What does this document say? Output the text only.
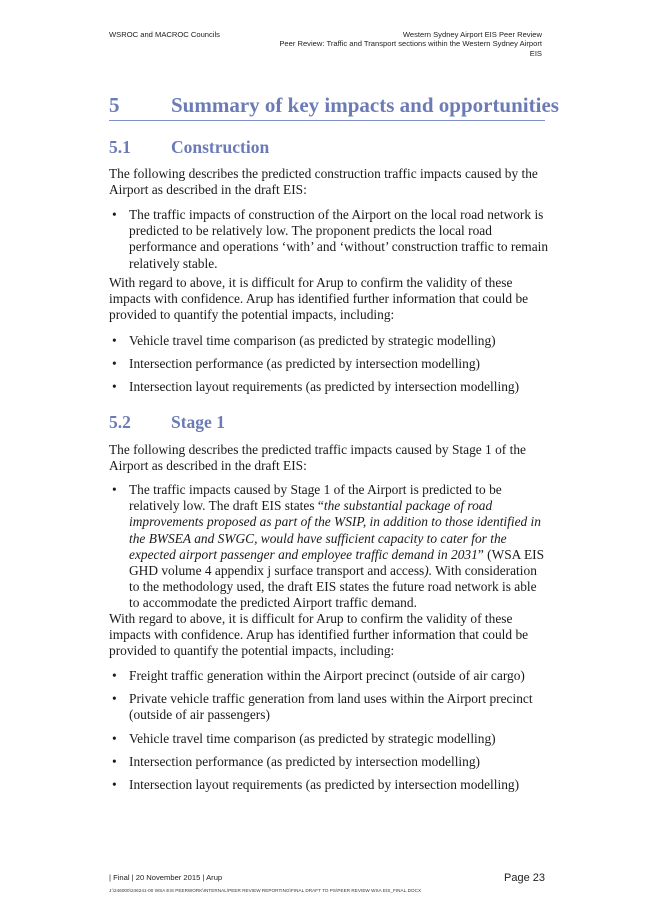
WSROC and MACROC Councils	Western Sydney Airport EIS Peer Review
Peer Review: Traffic and Transport sections within the Western Sydney Airport
EIS
5 Summary of key impacts and opportunities
5.1 Construction

The following describes the predicted construction traffic impacts caused by the Airport as described in the draft EIS:

• The traffic impacts of construction of the Airport on the local road network is predicted to be relatively low. The proponent predicts the local road performance and operations ‘with’ and ‘without’ construction traffic to remain relatively stable.

With regard to above, it is difficult for Arup to confirm the validity of these impacts with confidence. Arup has identified further information that could be provided to quantify the potential impacts, including:

• Vehicle travel time comparison (as predicted by strategic modelling)
• Intersection performance (as predicted by intersection modelling)
• Intersection layout requirements (as predicted by intersection modelling)
5.2 Stage 1

The following describes the predicted traffic impacts caused by Stage 1 of the Airport as described in the draft EIS:

• The traffic impacts caused by Stage 1 of the Airport is predicted to be relatively low. The draft EIS states “the substantial package of road improvements proposed as part of the WSIP, in addition to those identified in the BWSEA and SWGC, would have sufficient capacity to cater for the expected airport passenger and employee traffic demand in 2031” (WSA EIS GHD volume 4 appendix j surface transport and access). With consideration to the methodology used, the draft EIS states the future road network is able to accommodate the predicted Airport traffic demand.

With regard to above, it is difficult for Arup to confirm the validity of these impacts with confidence. Arup has identified further information that could be provided to quantify the potential impacts, including:

• Freight traffic generation within the Airport precinct (outside of air cargo)
• Private vehicle traffic generation from land uses within the Airport precinct (outside of air passengers)
• Vehicle travel time comparison (as predicted by strategic modelling)
• Intersection performance (as predicted by intersection modelling)
• Intersection layout requirements (as predicted by intersection modelling)
| Final | 20 November 2015 | Arup
J:\246000\246241-00 WSA EIS PEERWORK\INTERNAL\PEER REVIEW REPORTING\FINAL DRAFT TO PS\PEER REVIEW WSA EIS_FINAL.DOCX
Page 23
